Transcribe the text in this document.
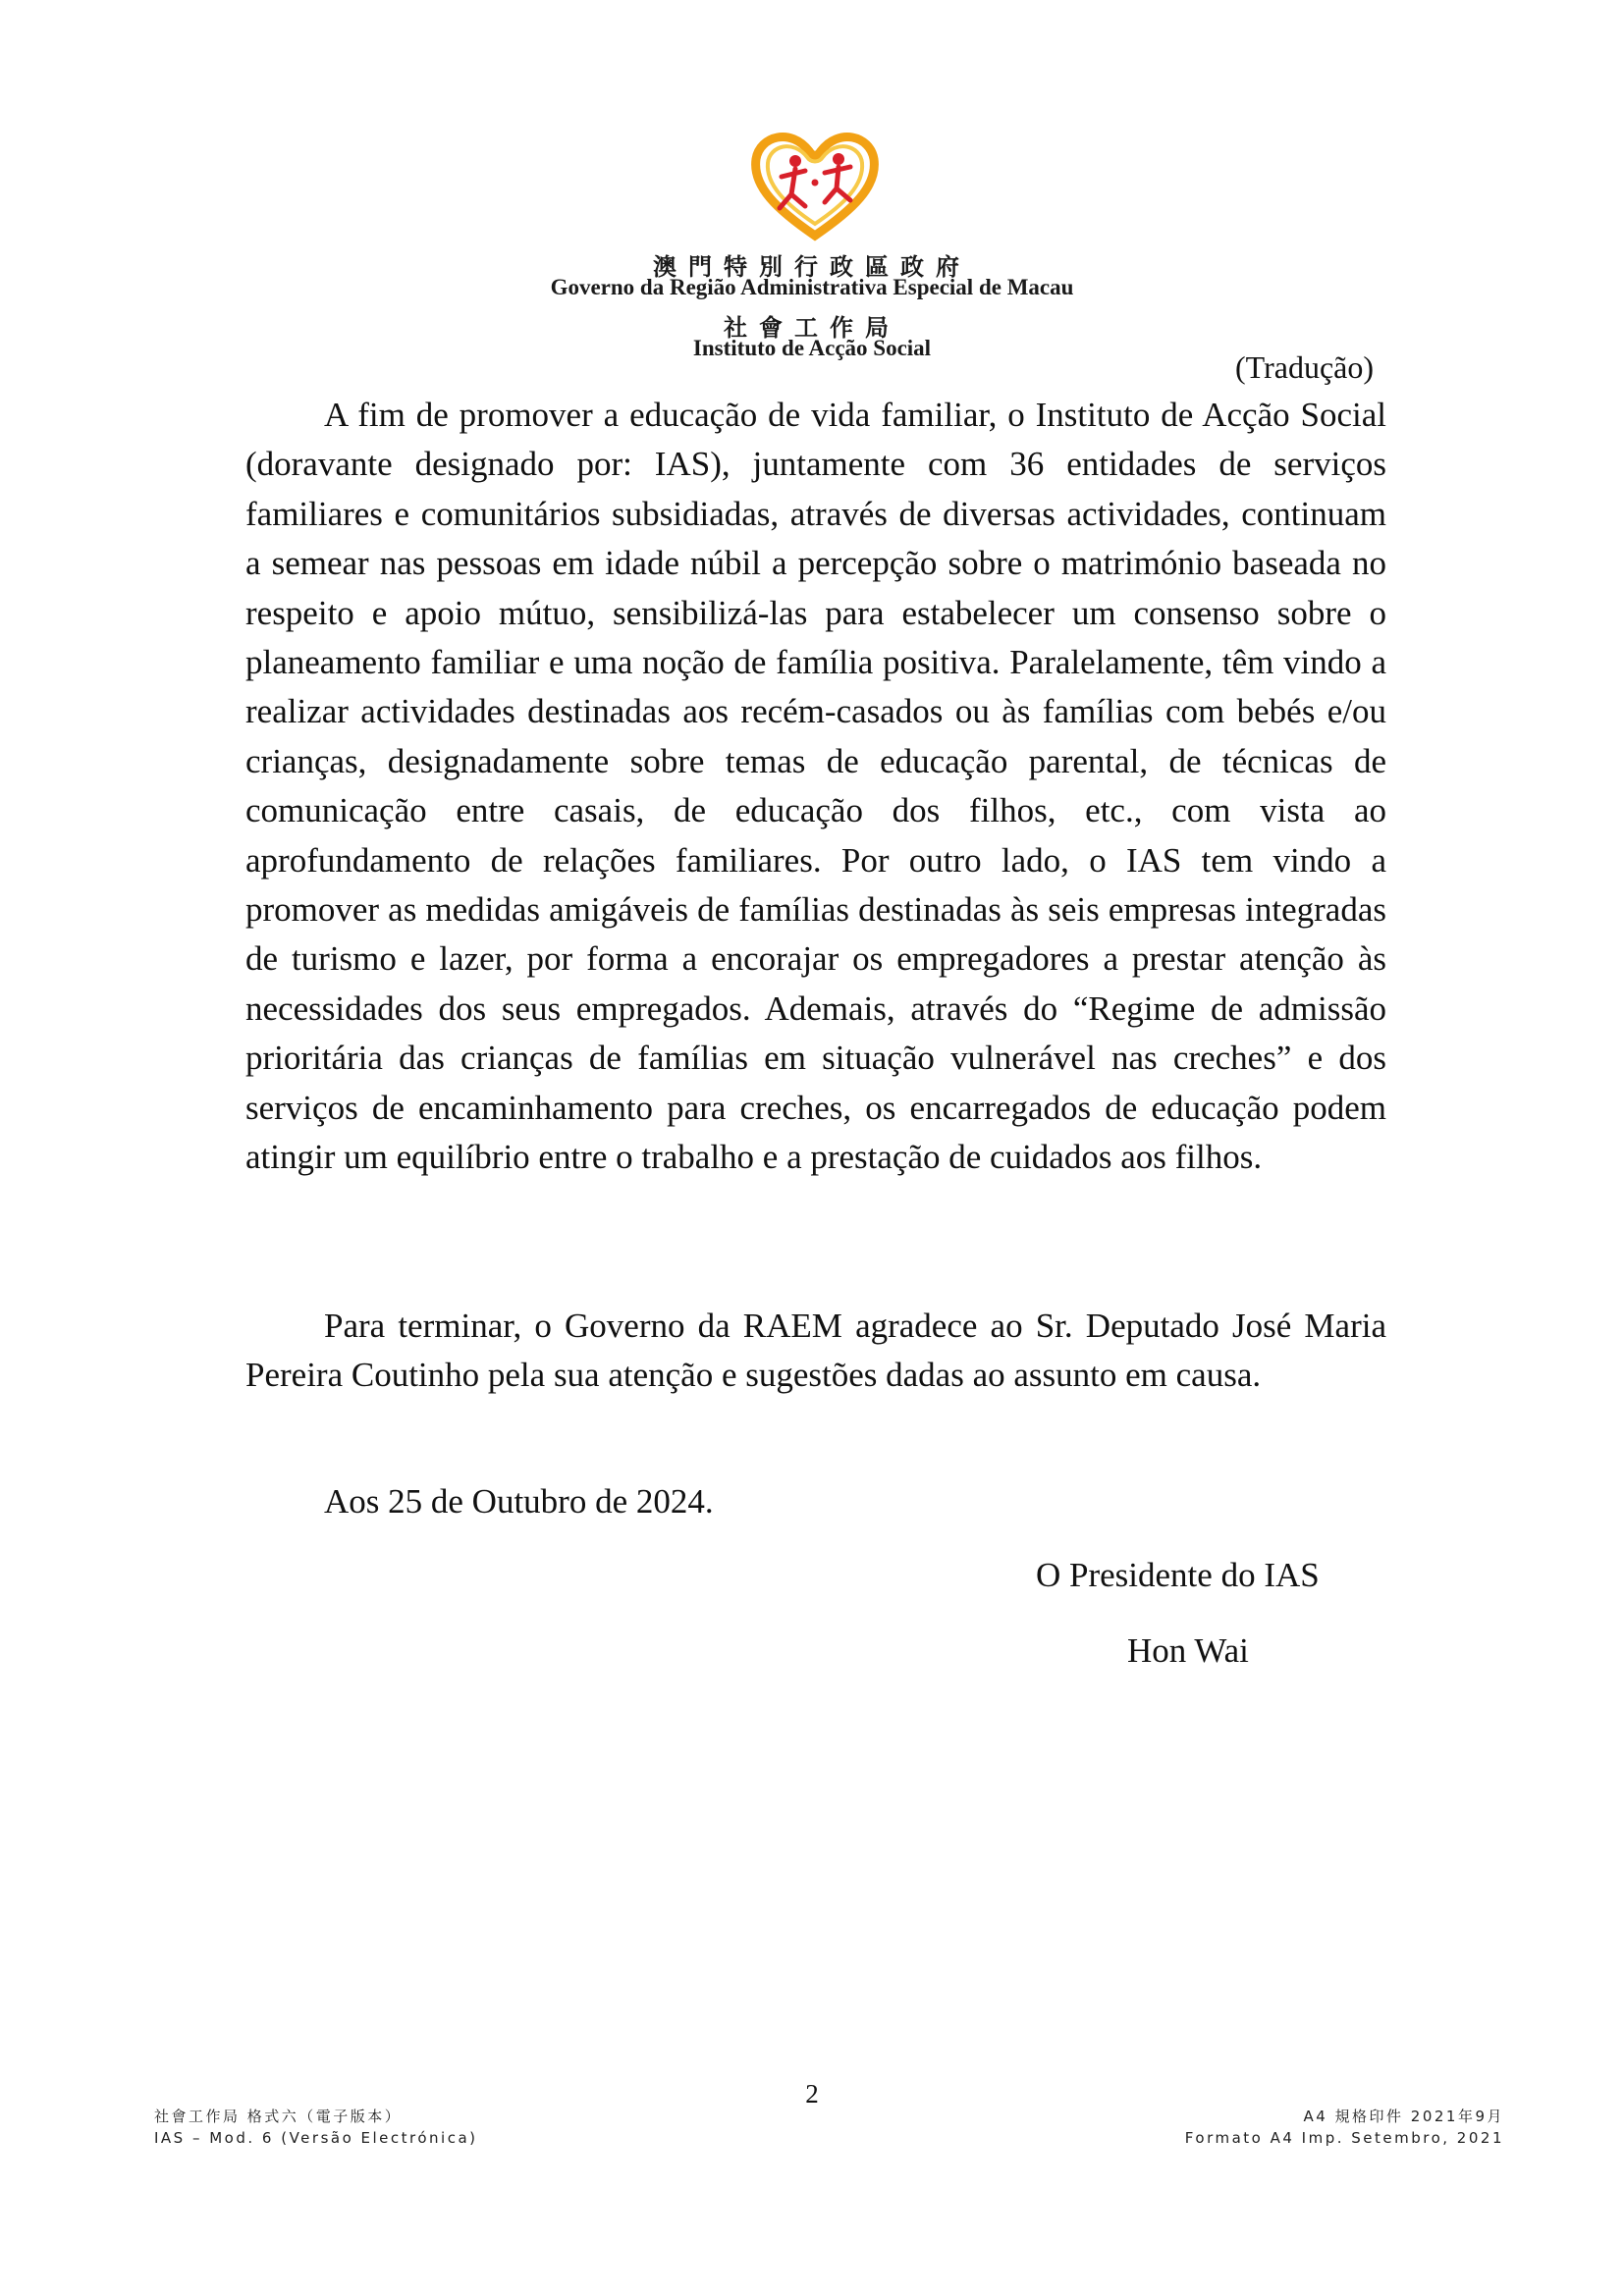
澳門特別行政區政府
Governo da Região Administrativa Especial de Macau
社會工作局
Instituto de Acção Social
(Tradução)

A fim de promover a educação de vida familiar, o Instituto de Acção Social (doravante designado por: IAS), juntamente com 36 entidades de serviços familiares e comunitários subsidiadas, através de diversas actividades, continuam a semear nas pessoas em idade núbil a percepção sobre o matrimónio baseada no respeito e apoio mútuo, sensibilizá-las para estabelecer um consenso sobre o planeamento familiar e uma noção de família positiva. Paralelamente, têm vindo a realizar actividades destinadas aos recém-casados ou às famílias com bebés e/ou crianças, designadamente sobre temas de educação parental, de técnicas de comunicação entre casais, de educação dos filhos, etc., com vista ao aprofundamento de relações familiares. Por outro lado, o IAS tem vindo a promover as medidas amigáveis de famílias destinadas às seis empresas integradas de turismo e lazer, por forma a encorajar os empregadores a prestar atenção às necessidades dos seus empregados. Ademais, através do “Regime de admissão prioritária das crianças de famílias em situação vulnerável nas creches” e dos serviços de encaminhamento para creches, os encarregados de educação podem atingir um equilíbrio entre o trabalho e a prestação de cuidados aos filhos.

Para terminar, o Governo da RAEM agradece ao Sr. Deputado José Maria Pereira Coutinho pela sua atenção e sugestões dadas ao assunto em causa.

Aos 25 de Outubro de 2024.
O Presidente do IAS
Hon Wai
2
社會工作局 格式六（電子版本）
IAS – Mod. 6 (Versão Electrónica)
A4 規格印件 2021年9月
Formato A4 Imp. Setembro, 2021
